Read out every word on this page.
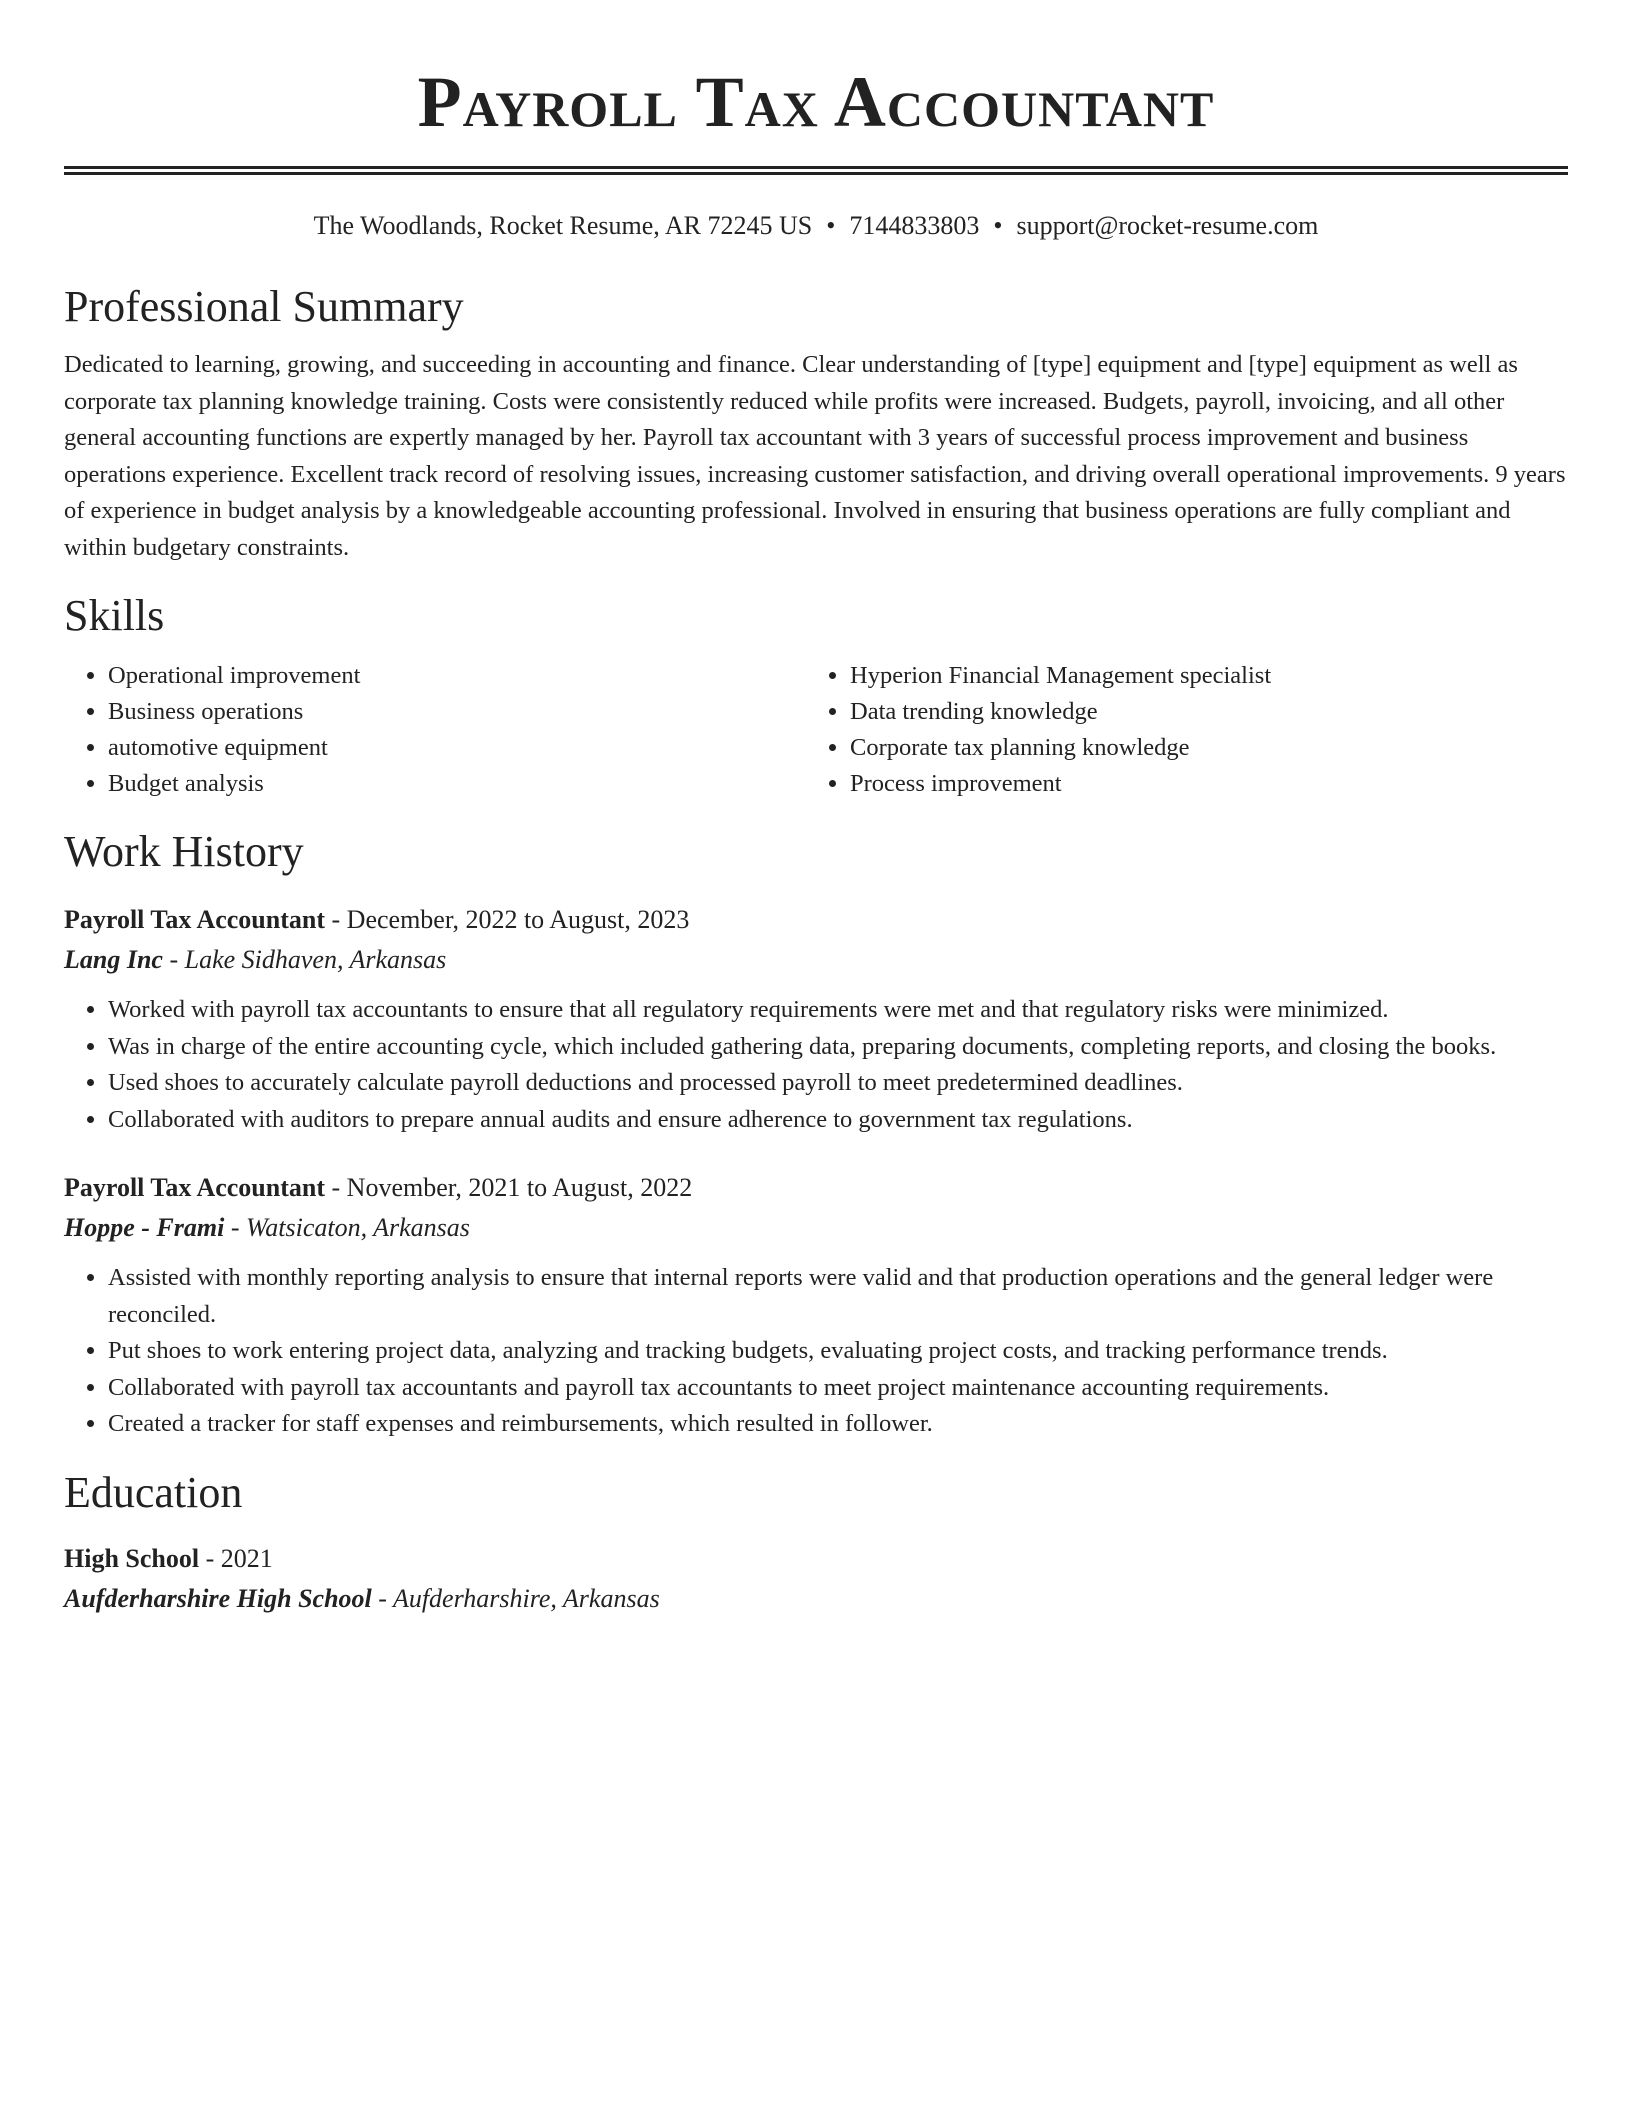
Payroll Tax Accountant
The Woodlands, Rocket Resume, AR 72245 US • 7144833803 • support@rocket-resume.com
Professional Summary
Dedicated to learning, growing, and succeeding in accounting and finance. Clear understanding of [type] equipment and [type] equipment as well as corporate tax planning knowledge training. Costs were consistently reduced while profits were increased. Budgets, payroll, invoicing, and all other general accounting functions are expertly managed by her. Payroll tax accountant with 3 years of successful process improvement and business operations experience. Excellent track record of resolving issues, increasing customer satisfaction, and driving overall operational improvements. 9 years of experience in budget analysis by a knowledgeable accounting professional. Involved in ensuring that business operations are fully compliant and within budgetary constraints.
Skills
• Operational improvement
• Business operations
• automotive equipment
• Budget analysis
• Hyperion Financial Management specialist
• Data trending knowledge
• Corporate tax planning knowledge
• Process improvement
Work History
Payroll Tax Accountant - December, 2022 to August, 2023
Lang Inc - Lake Sidhaven, Arkansas
• Worked with payroll tax accountants to ensure that all regulatory requirements were met and that regulatory risks were minimized.
• Was in charge of the entire accounting cycle, which included gathering data, preparing documents, completing reports, and closing the books.
• Used shoes to accurately calculate payroll deductions and processed payroll to meet predetermined deadlines.
• Collaborated with auditors to prepare annual audits and ensure adherence to government tax regulations.
Payroll Tax Accountant - November, 2021 to August, 2022
Hoppe - Frami - Watsicaton, Arkansas
• Assisted with monthly reporting analysis to ensure that internal reports were valid and that production operations and the general ledger were reconciled.
• Put shoes to work entering project data, analyzing and tracking budgets, evaluating project costs, and tracking performance trends.
• Collaborated with payroll tax accountants and payroll tax accountants to meet project maintenance accounting requirements.
• Created a tracker for staff expenses and reimbursements, which resulted in follower.
Education
High School - 2021
Aufderharshire High School - Aufderharshire, Arkansas
